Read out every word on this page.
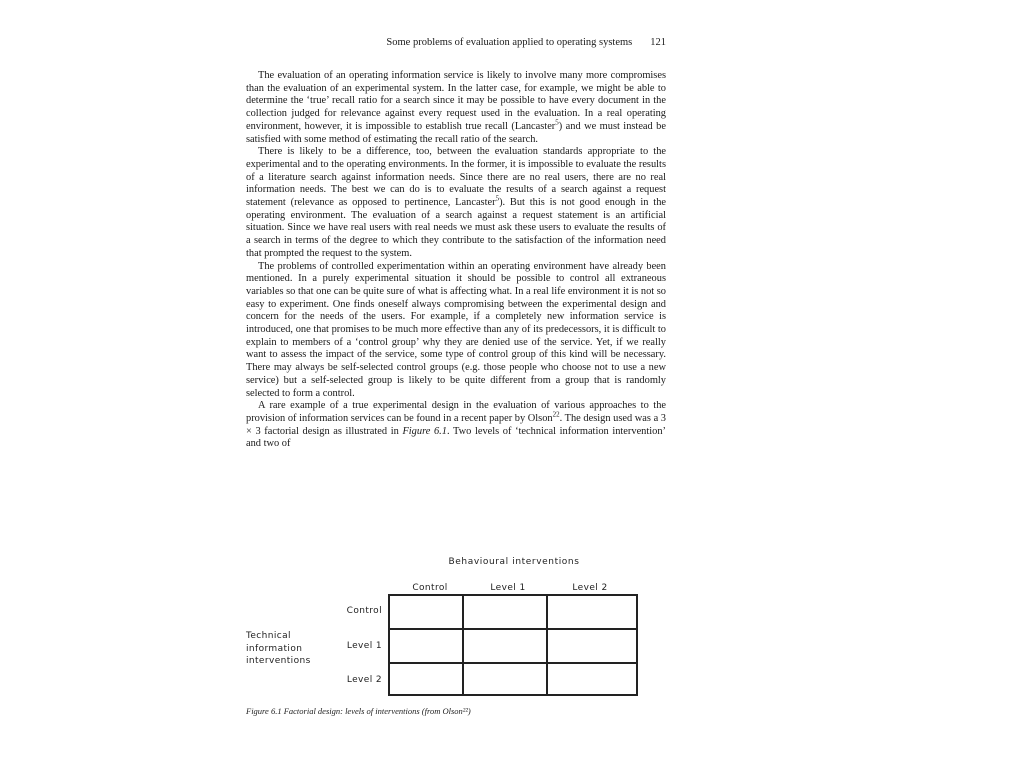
Some problems of evaluation applied to operating systems 121

The evaluation of an operating information service is likely to involve many more compromises than the evaluation of an experimental system. In the latter case, for example, we might be able to determine the ‘true’ recall ratio for a search since it may be possible to have every document in the collection judged for relevance against every request used in the evaluation. In a real operating environment, however, it is impossible to establish true recall (Lancaster$^5$) and we must instead be satisfied with some method of estimating the recall ratio of the search.

There is likely to be a difference, too, between the evaluation standards appropriate to the experimental and to the operating environments. In the former, it is impossible to evaluate the results of a literature search against information needs. Since there are no real users, there are no real information needs. The best we can do is to evaluate the results of a search against a request statement (relevance as opposed to pertinence, Lancaster$^5$). But this is not good enough in the operating environment. The evaluation of a search against a request statement is an artificial situation. Since we have real users with real needs we must ask these users to evaluate the results of a search in terms of the degree to which they contribute to the satisfaction of the information need that prompted the request to the system.

The problems of controlled experimentation within an operating environment have already been mentioned. In a purely experimental situation it should be possible to control all extraneous variables so that one can be quite sure of what is affecting what. In a real life environment it is not so easy to experiment. One finds oneself always compromising between the experimental design and concern for the needs of the users. For example, if a completely new information service is introduced, one that promises to be much more effective than any of its predecessors, it is difficult to explain to members of a ‘control group’ why they are denied use of the service. Yet, if we really want to assess the impact of the service, some type of control group of this kind will be necessary. There may always be self-selected control groups (e.g. those people who choose not to use a new service) but a self-selected group is likely to be quite different from a group that is randomly selected to form a control.

A rare example of a true experimental design in the evaluation of various approaches to the provision of information services can be found in a recent paper by Olson$^{22}$. The design used was a 3 × 3 factorial design as illustrated in Figure 6.1. Two levels of ‘technical information intervention’ and two of

Behavioural interventions
Control	Level 1	Level 2
Control
Level 1
Level 2
Technical
information
interventions
Figure 6.1 Factorial design: levels of interventions (from Olson²²)
